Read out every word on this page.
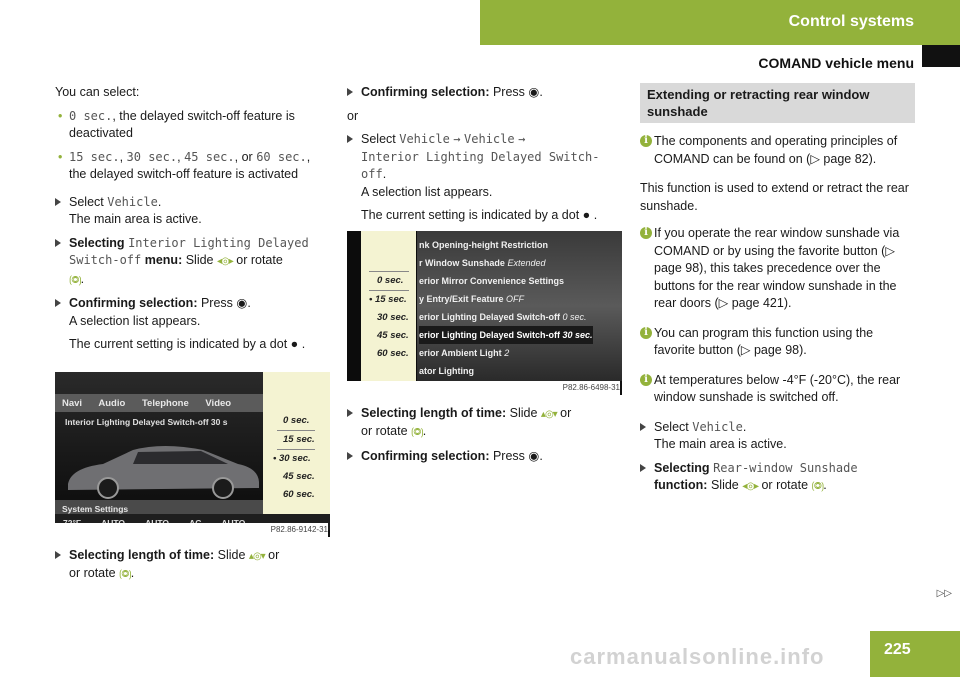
Control systems
COMAND vehicle menu

You can select:

• 0 sec., the delayed switch-off feature is deactivated
• 15 sec., 30 sec., 45 sec., or 60 sec., the delayed switch-off feature is activated
Select Vehicle.
The main area is active.
Selecting Interior Lighting Delayed Switch-off menu: Slide ◂◎▸ or rotate
⟮◎⟯.
Confirming selection: Press ◉.
A selection list appears.

The current setting is indicated by a dot ● .

Navi Audio Telephone Video
Interior Lighting Delayed Switch-off 30 s
System Settings
0 sec.
15 sec.
• 30 sec.
45 sec.
60 sec.
P82.86-9142-31
Selecting length of time: Slide ▴◎▾ or
or rotate ⟮◎⟯.
Confirming selection: Press ◉.

or

Select Vehicle → Vehicle →
Interior Lighting Delayed Switch-off.
A selection list appears.

The current setting is indicated by a dot ● .

0 sec.
• 15 sec.
30 sec.
45 sec.
60 sec.
nk Opening-height Restriction
r Window Sunshade Extended
erior Mirror Convenience Settings
y Entry/Exit Feature OFF
erior Lighting Delayed Switch-off 0 sec.
erior Lighting Delayed Switch-off 30 sec.
erior Ambient Light 2
ator Lighting
P82.86-6498-31
Selecting length of time: Slide ▴◎▾ or
or rotate ⟮◎⟯.
Confirming selection: Press ◉.
Extending or retracting rear window sunshade
i The components and operating principles of COMAND can be found on (▷ page 82).

This function is used to extend or retract the rear sunshade.

i If you operate the rear window sunshade via COMAND or by using the favorite button (▷ page 98), this takes precedence over the buttons for the rear window sunshade in the rear doors (▷ page 421).
i You can program this function using the favorite button (▷ page 98).
i At temperatures below -4°F (-20°C), the rear window sunshade is switched off.
Select Vehicle.
The main area is active.
Selecting Rear-window Sunshade
function: Slide ◂◎▸ or rotate ⟮◎⟯.
▷▷
carmanualsonline.info	225
